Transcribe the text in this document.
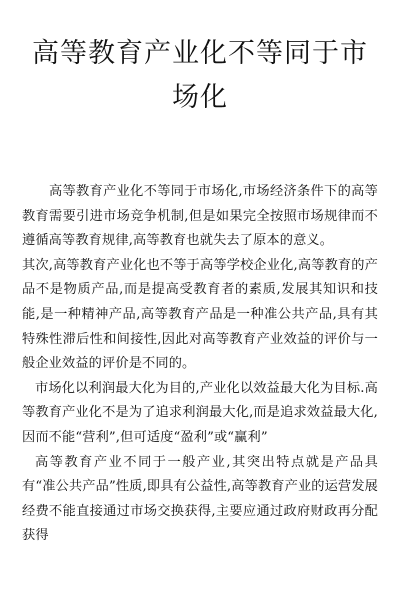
高等教育产业化不等同于市场化

高等教育产业化不等同于市场化,市场经济条件下的高等教育需要引进市场竞争机制,但是如果完全按照市场规律而不遵循高等教育规律,高等教育也就失去了原本的意义。

其次,高等教育产业化也不等于高等学校企业化,高等教育的产品不是物质产品,而是提高受教育者的素质,发展其知识和技能,是一种精神产品,高等教育产品是一种准公共产品,具有其特殊性滞后性和间接性,因此对高等教育产业效益的评价与一般企业效益的评价是不同的。

市场化以利润最大化为目的,产业化以效益最大化为目标.高等教育产业化不是为了追求利润最大化,而是追求效益最大化,因而不能“营利”,但可适度“盈利”或“赢利”

高等教育产业不同于一般产业,其突出特点就是产品具有“准公共产品”性质,即具有公益性,高等教育产业的运营发展经费不能直接通过市场交换获得,主要应通过政府财政再分配获得
